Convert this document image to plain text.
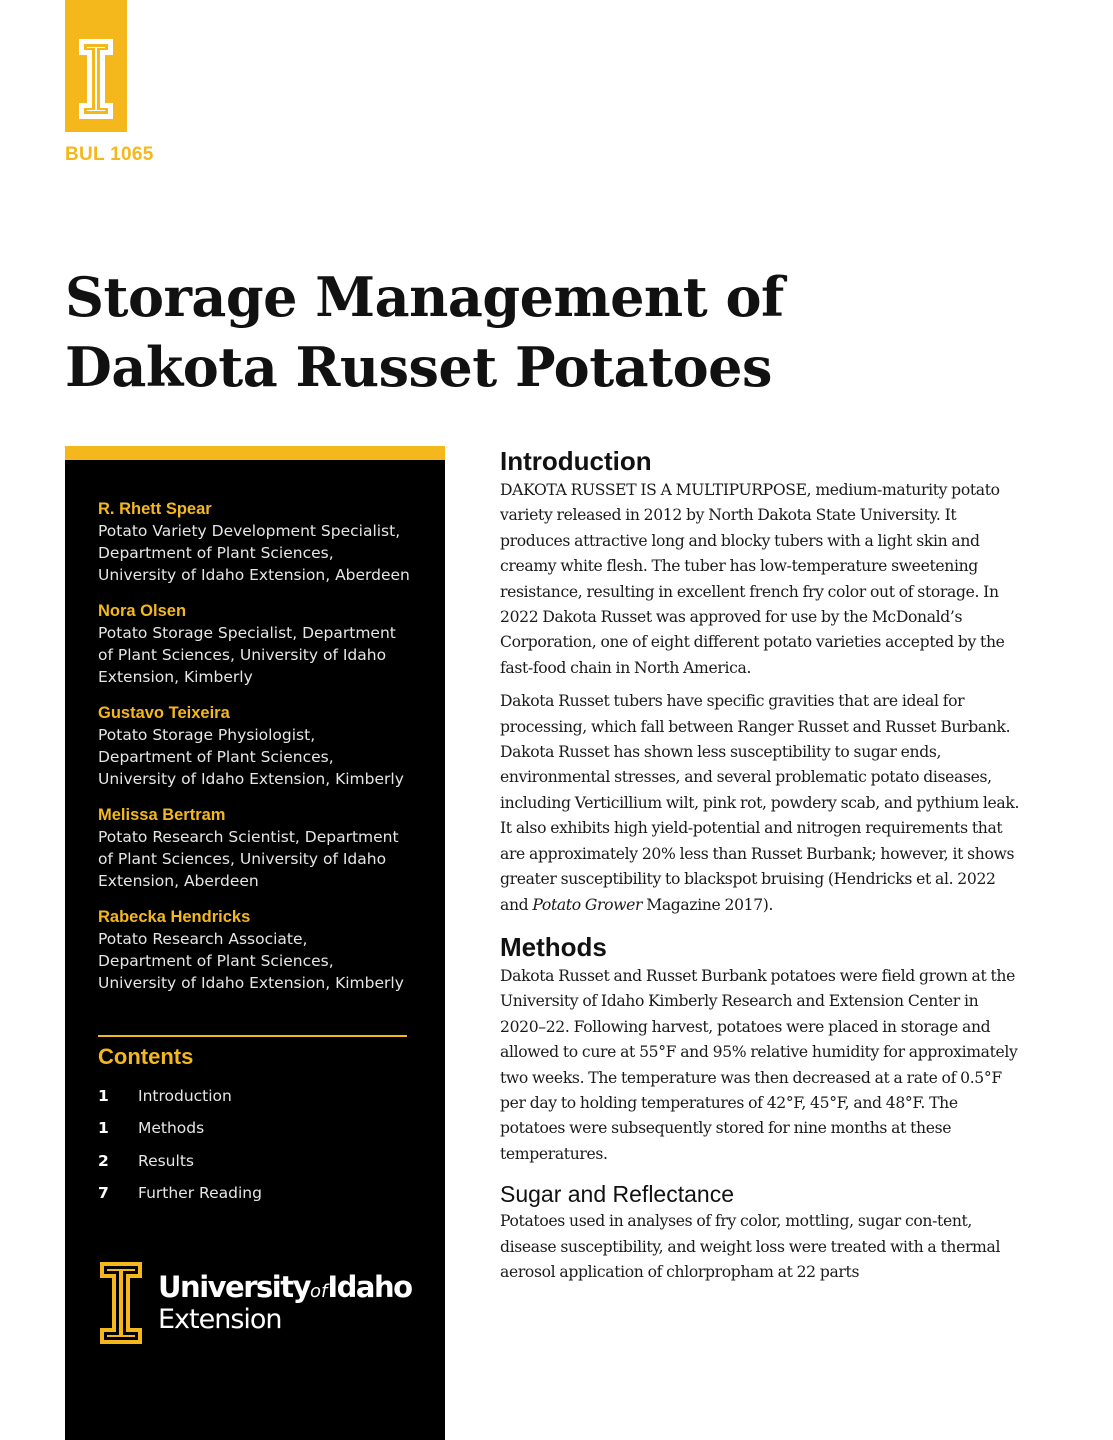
BUL 1065
Storage Management of
Dakota Russet Potatoes
R. Rhett Spear
Potato Variety Development Specialist,
Department of Plant Sciences,
University of Idaho Extension, Aberdeen
Nora Olsen
Potato Storage Specialist, Department
of Plant Sciences, University of Idaho
Extension, Kimberly
Gustavo Teixeira
Potato Storage Physiologist,
Department of Plant Sciences,
University of Idaho Extension, Kimberly
Melissa Bertram
Potato Research Scientist, Department
of Plant Sciences, University of Idaho
Extension, Aberdeen
Rabecka Hendricks
Potato Research Associate,
Department of Plant Sciences,
University of Idaho Extension, Kimberly
Contents
1	Introduction
1	Methods
2	Results
7	Further Reading
UniversityofIdaho
Extension
Introduction

DAKOTA RUSSET IS A MULTIPURPOSE, medium-maturity potato variety released in 2012 by North Dakota State University. It produces attractive long and blocky tubers with a light skin and creamy white flesh. The tuber has low-temperature sweetening resistance, resulting in excellent french fry color out of storage. In 2022 Dakota Russet was approved for use by the McDonald’s Corporation, one of eight different potato varieties accepted by the fast-food chain in North America.

Dakota Russet tubers have specific gravities that are ideal for processing, which fall between Ranger Russet and Russet Burbank. Dakota Russet has shown less susceptibility to sugar ends, environmental stresses, and several problematic potato diseases, including Verticillium wilt, pink rot, powdery scab, and pythium leak. It also exhibits high yield-potential and nitrogen requirements that are approximately 20% less than Russet Burbank; however, it shows greater susceptibility to blackspot bruising (Hendricks et al. 2022 and Potato Grower Magazine 2017).

Methods

Dakota Russet and Russet Burbank potatoes were field grown at the University of Idaho Kimberly Research and Extension Center in 2020–22. Following harvest, potatoes were placed in storage and allowed to cure at 55°F and 95% relative humidity for approximately two weeks. The temperature was then decreased at a rate of 0.5°F per day to holding temperatures of 42°F, 45°F, and 48°F. The potatoes were subsequently stored for nine months at these temperatures.

Sugar and Reflectance

Potatoes used in analyses of fry color, mottling, sugar con-tent, disease susceptibility, and weight loss were treated with a thermal aerosol application of chlorpropham at 22 parts
